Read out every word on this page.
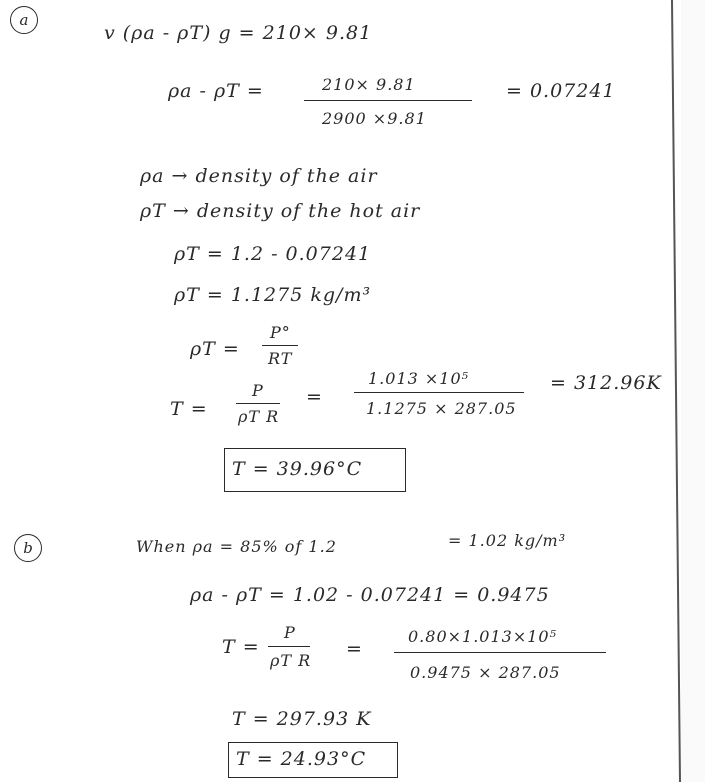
a
v (ρa - ρT) g = 210× 9.81
ρa - ρT =	210× 9.81
2900 ×9.81
= 0.07241
ρa → density of the air
ρT → density of the hot air
ρT = 1.2 - 0.07241
ρT = 1.1275 kg/m³
ρT =
P°
RT
T =
P
ρT R
=
1.013 ×10⁵
1.1275 × 287.05
= 312.96K
T = 39.96°C
b	When ρa = 85% of 1.2	= 1.02 kg/m³
ρa - ρT = 1.02 - 0.07241 = 0.9475
T =
P
ρT R
=
0.80×1.013×10⁵
0.9475 × 287.05
T = 297.93 K
T = 24.93°C
